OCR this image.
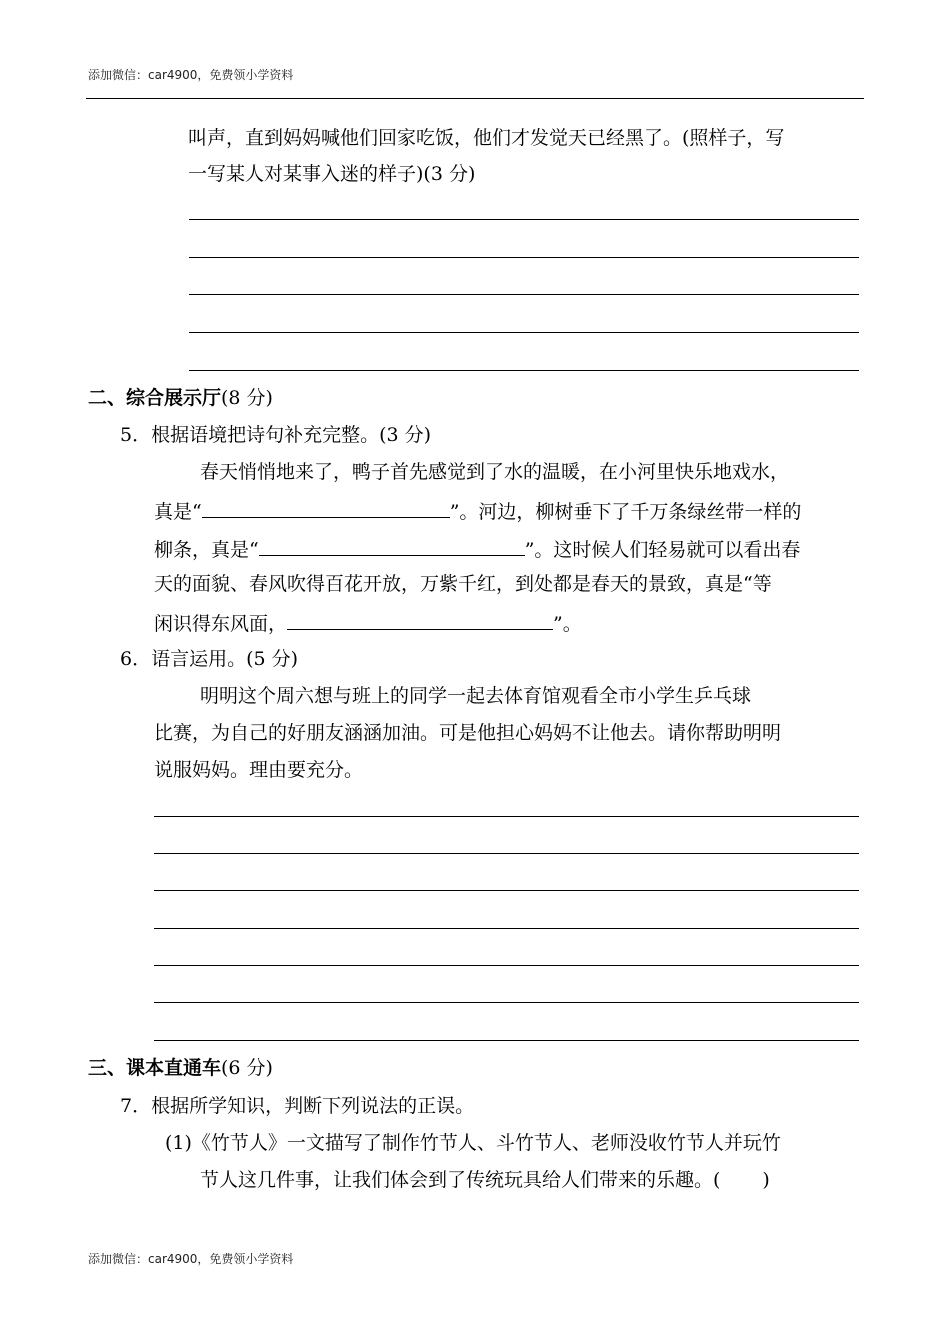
添加微信：car4900，免费领小学资料
叫声，直到妈妈喊他们回家吃饭，他们才发觉天已经黑了。(照样子，写
一写某人对某事入迷的样子)(3 分)
二、综合展示厅(8 分)
5．根据语境把诗句补充完整。(3 分)
春天悄悄地来了，鸭子首先感觉到了水的温暖，在小河里快乐地戏水，
真是“	”。河边，柳树垂下了千万条绿丝带一样的
柳条，真是“	”。这时候人们轻易就可以看出春
天的面貌、春风吹得百花开放，万紫千红，到处都是春天的景致，真是“等
闲识得东风面，	”。
6．语言运用。(5 分)
明明这个周六想与班上的同学一起去体育馆观看全市小学生乒乓球
比赛，为自己的好朋友涵涵加油。可是他担心妈妈不让他去。请你帮助明明
说服妈妈。理由要充分。
三、课本直通车(6 分)
7．根据所学知识，判断下列说法的正误。
(1)《竹节人》一文描写了制作竹节人、斗竹节人、老师没收竹节人并玩竹
节人这几件事，让我们体会到了传统玩具给人们带来的乐趣。( )
添加微信：car4900，免费领小学资料
